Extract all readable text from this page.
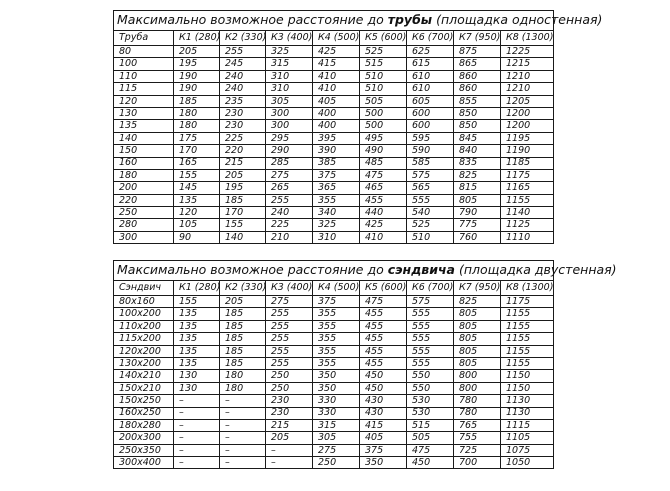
Максимально возможное расстояние до трубы (площадка одностенная)								
Труба	К1 (280)	К2 (330)	К3 (400)	К4 (500)	К5 (600)	К6 (700)	К7 (950)	К8 (1300)
80	205	255	325	425	525	625	875	1225
100	195	245	315	415	515	615	865	1215
110	190	240	310	410	510	610	860	1210
115	190	240	310	410	510	610	860	1210
120	185	235	305	405	505	605	855	1205
130	180	230	300	400	500	600	850	1200
135	180	230	300	400	500	600	850	1200
140	175	225	295	395	495	595	845	1195
150	170	220	290	390	490	590	840	1190
160	165	215	285	385	485	585	835	1185
180	155	205	275	375	475	575	825	1175
200	145	195	265	365	465	565	815	1165
220	135	185	255	355	455	555	805	1155
250	120	170	240	340	440	540	790	1140
280	105	155	225	325	425	525	775	1125
300	90	140	210	310	410	510	760	1110
Максимально возможное расстояние до сэндвича (площадка двустенная)								
Сэндвич	К1 (280)	К2 (330)	К3 (400)	К4 (500)	К5 (600)	К6 (700)	К7 (950)	К8 (1300)
80x160	155	205	275	375	475	575	825	1175
100x200	135	185	255	355	455	555	805	1155
110x200	135	185	255	355	455	555	805	1155
115x200	135	185	255	355	455	555	805	1155
120x200	135	185	255	355	455	555	805	1155
130x200	135	185	255	355	455	555	805	1155
140x210	130	180	250	350	450	550	800	1150
150x210	130	180	250	350	450	550	800	1150
150x250	–	–	230	330	430	530	780	1130
160x250	–	–	230	330	430	530	780	1130
180x280	–	–	215	315	415	515	765	1115
200x300	–	–	205	305	405	505	755	1105
250x350	–	–	–	275	375	475	725	1075
300x400	–	–	–	250	350	450	700	1050
